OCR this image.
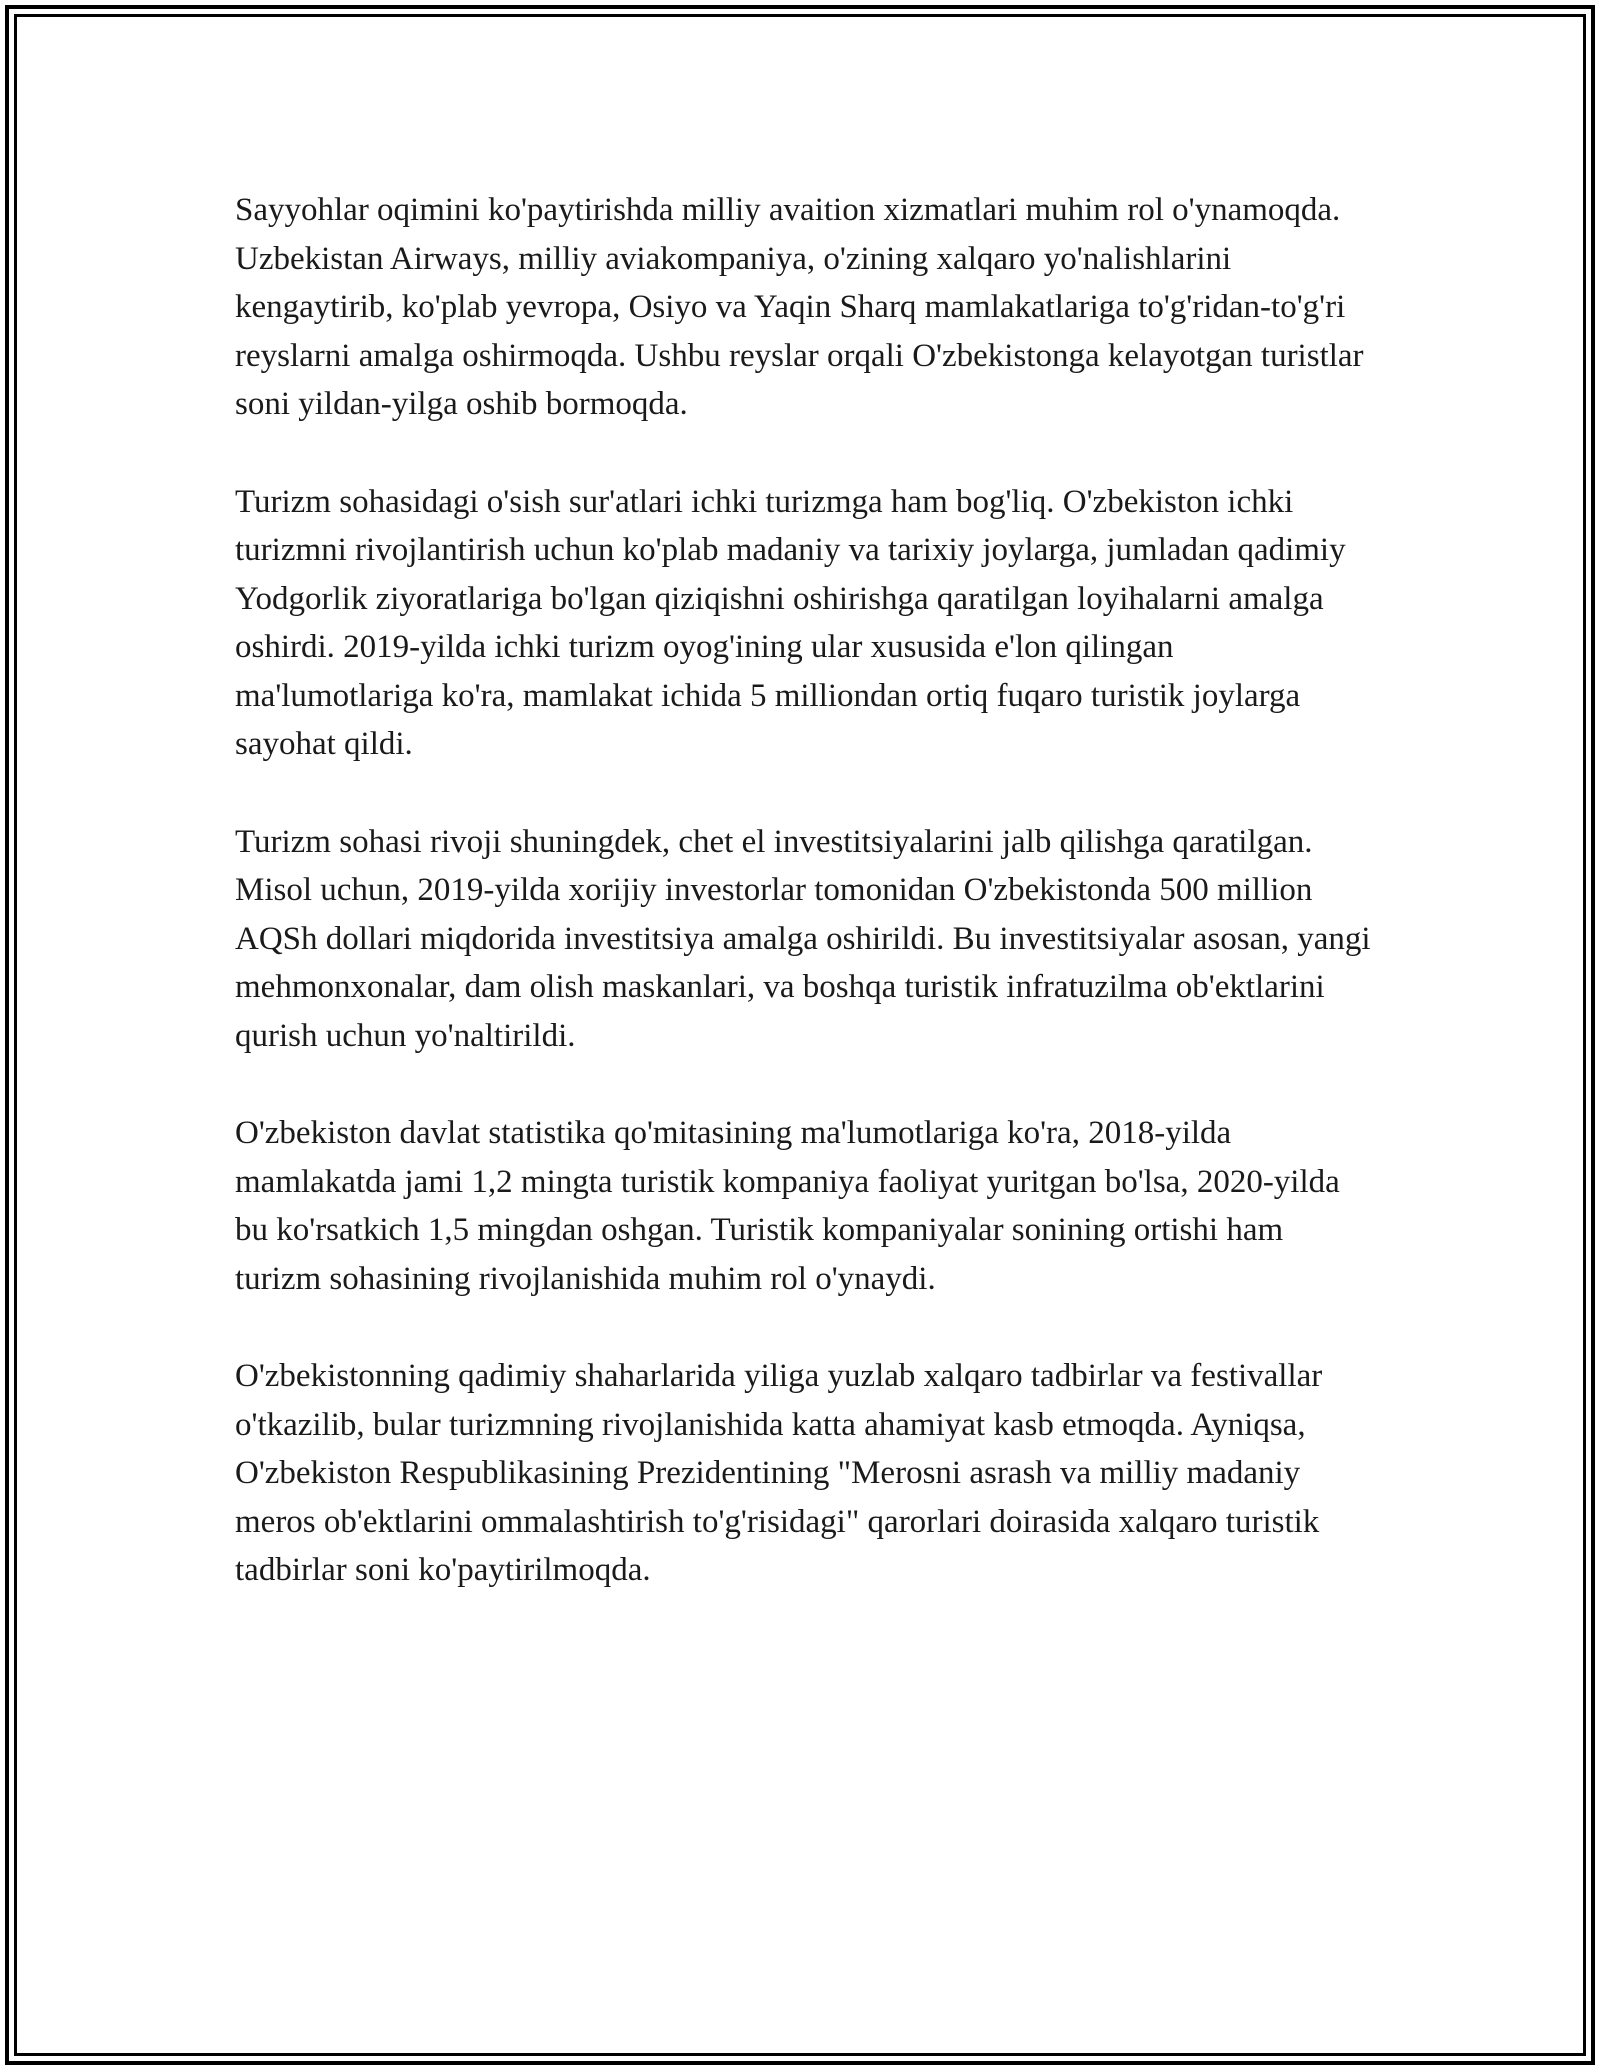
Sayyohlar oqimini ko'paytirishda milliy avaition xizmatlari muhim rol o'ynamoqda. Uzbekistan Airways, milliy aviakompaniya, o'zining xalqaro yo'nalishlarini kengaytirib, ko'plab yevropa, Osiyo va Yaqin Sharq mamlakatlariga to'g'ridan-to'g'ri reyslarni amalga oshirmoqda. Ushbu reyslar orqali O'zbekistonga kelayotgan turistlar soni yildan-yilga oshib bormoqda.

Turizm sohasidagi o'sish sur'atlari ichki turizmga ham bog'liq. O'zbekiston ichki turizmni rivojlantirish uchun ko'plab madaniy va tarixiy joylarga, jumladan qadimiy Yodgorlik ziyoratlariga bo'lgan qiziqishni oshirishga qaratilgan loyihalarni amalga oshirdi. 2019-yilda ichki turizm oyog'ining ular xususida e'lon qilingan ma'lumotlariga ko'ra, mamlakat ichida 5 milliondan ortiq fuqaro turistik joylarga sayohat qildi.

Turizm sohasi rivoji shuningdek, chet el investitsiyalarini jalb qilishga qaratilgan. Misol uchun, 2019-yilda xorijiy investorlar tomonidan O'zbekistonda 500 million AQSh dollari miqdorida investitsiya amalga oshirildi. Bu investitsiyalar asosan, yangi mehmonxonalar, dam olish maskanlari, va boshqa turistik infratuzilma ob'ektlarini qurish uchun yo'naltirildi.

O'zbekiston davlat statistika qo'mitasining ma'lumotlariga ko'ra, 2018-yilda mamlakatda jami 1,2 mingta turistik kompaniya faoliyat yuritgan bo'lsa, 2020-yilda bu ko'rsatkich 1,5 mingdan oshgan. Turistik kompaniyalar sonining ortishi ham turizm sohasining rivojlanishida muhim rol o'ynaydi.

O'zbekistonning qadimiy shaharlarida yiliga yuzlab xalqaro tadbirlar va festivallar o'tkazilib, bular turizmning rivojlanishida katta ahamiyat kasb etmoqda. Ayniqsa, O'zbekiston Respublikasining Prezidentining "Merosni asrash va milliy madaniy meros ob'ektlarini ommalashtirish to'g'risidagi" qarorlari doirasida xalqaro turistik tadbirlar soni ko'paytirilmoqda.
